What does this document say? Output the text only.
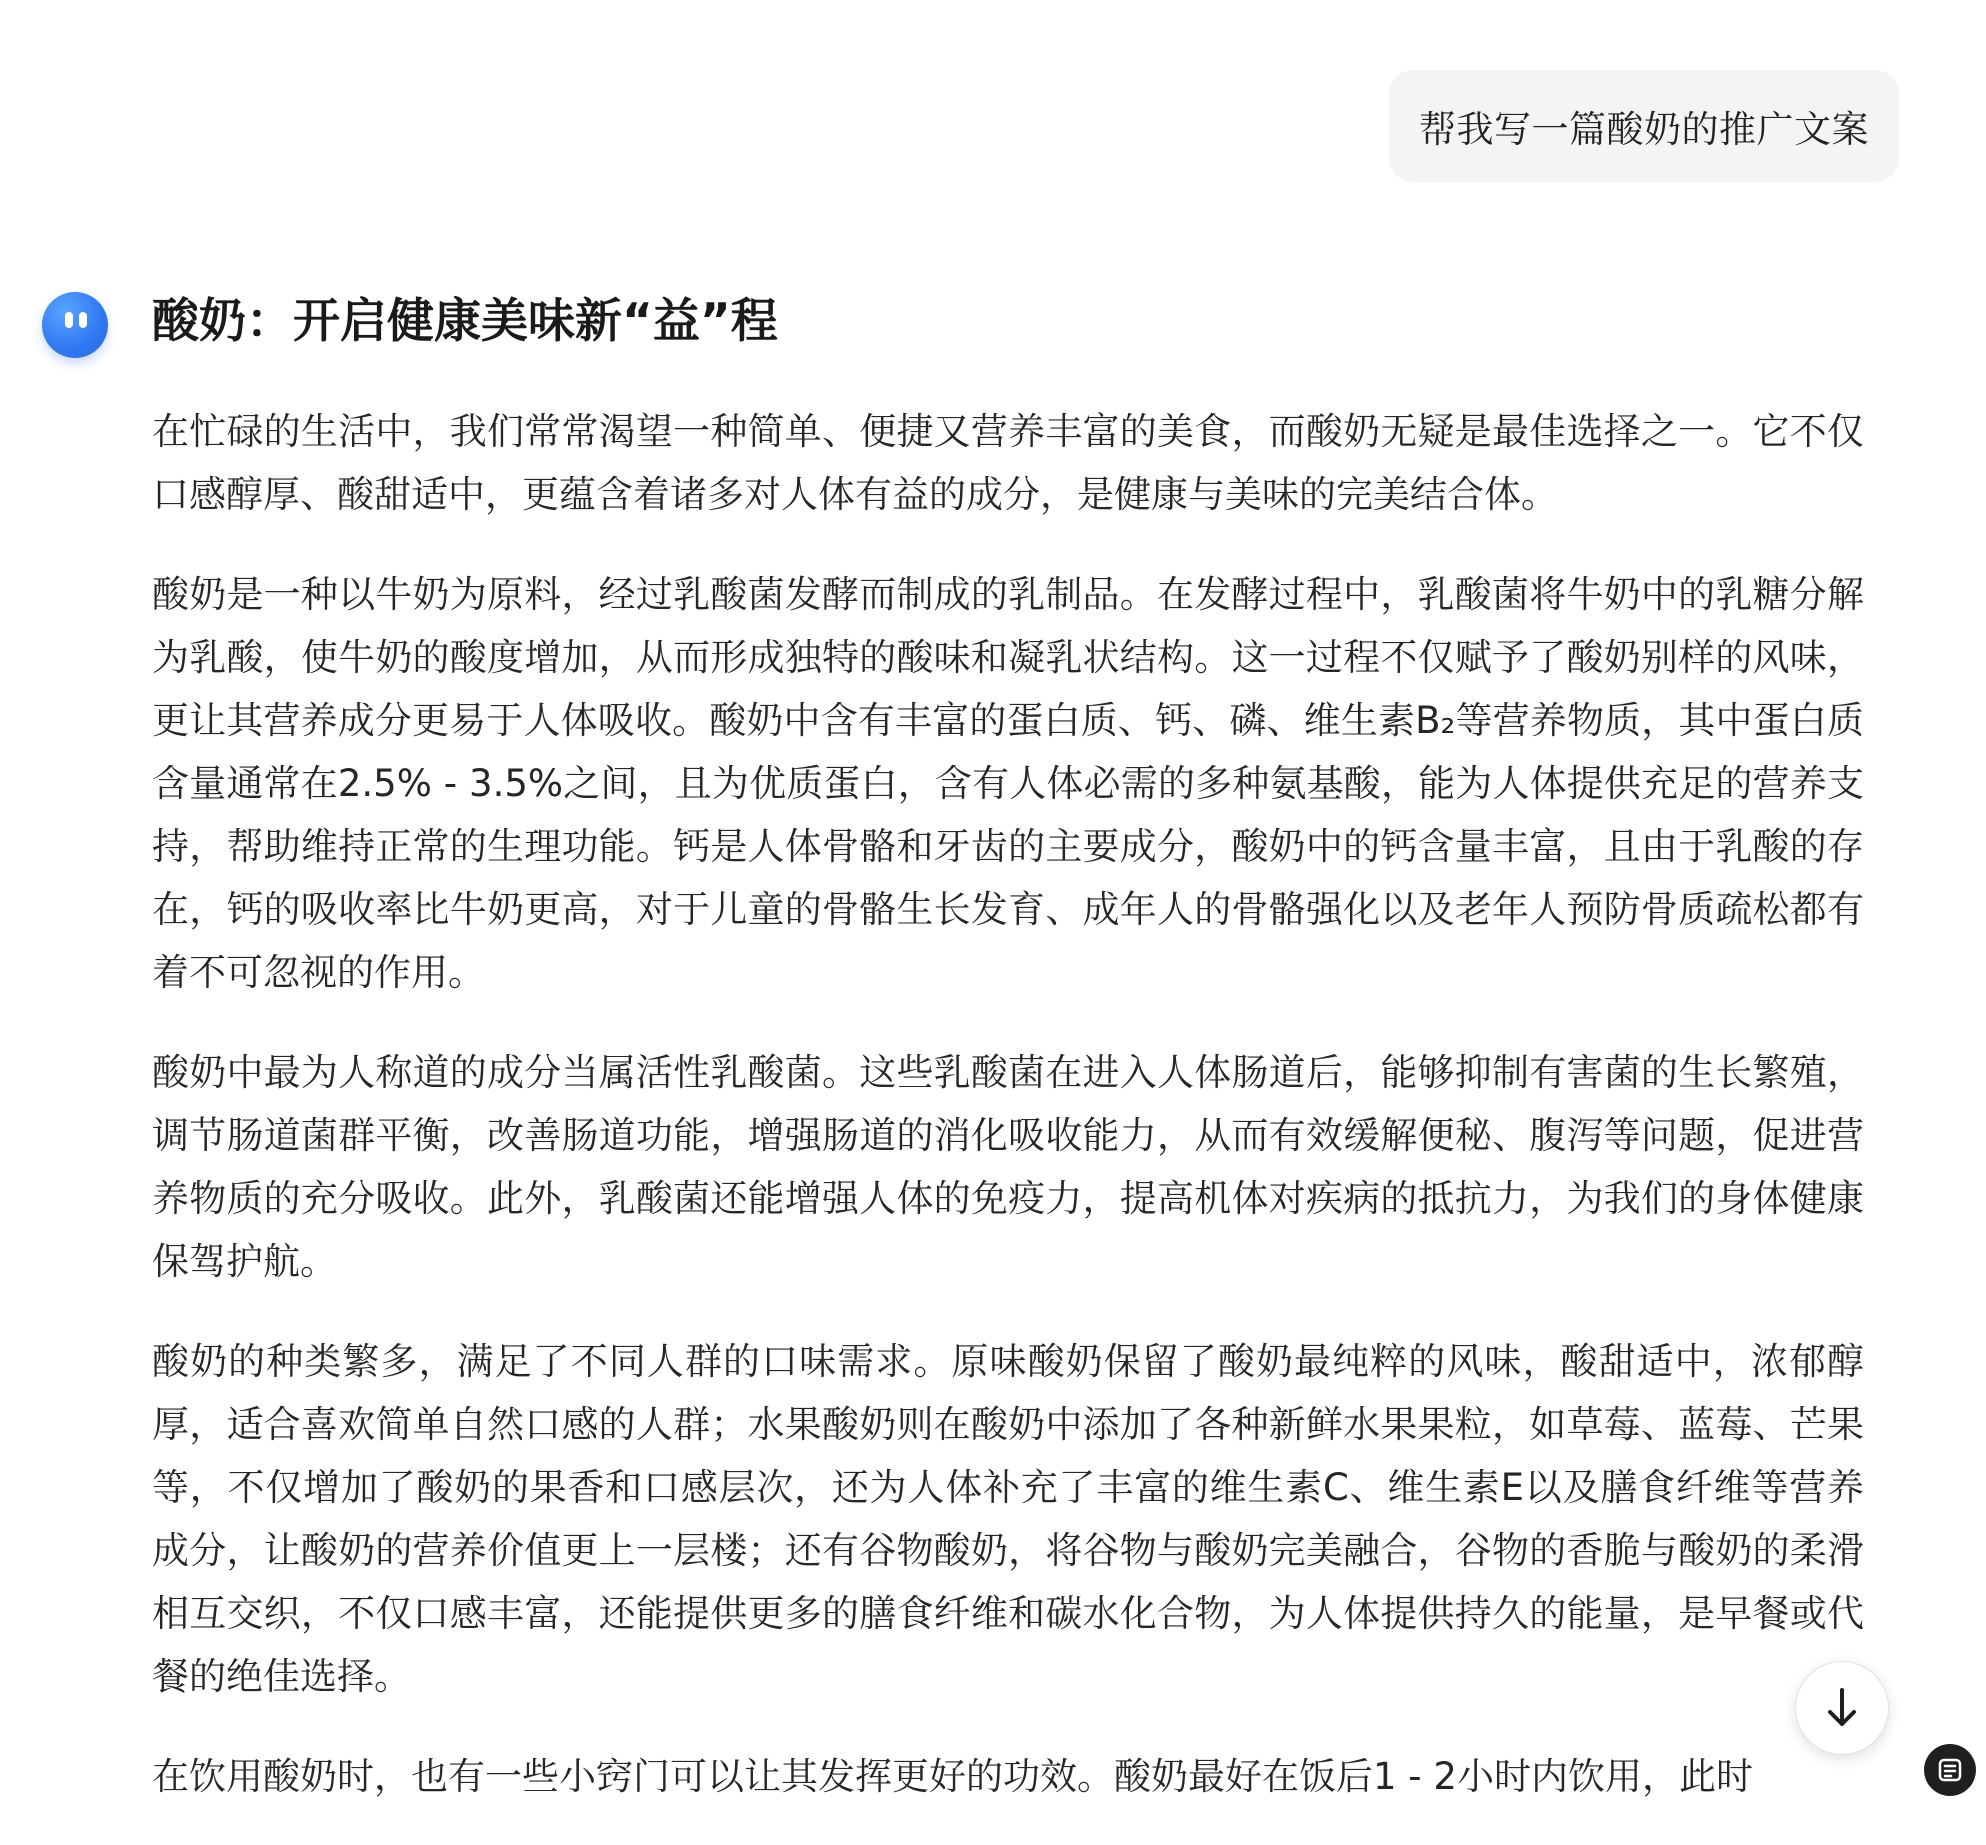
帮我写一篇酸奶的推广文案
酸奶：开启健康美味新“益”程

在忙碌的生活中，我们常常渴望一种简单、便捷又营养丰富的美食，而酸奶无疑是最佳选择之一。它不仅口感醇厚、酸甜适中，更蕴含着诸多对人体有益的成分，是健康与美味的完美结合体。

酸奶是一种以牛奶为原料，经过乳酸菌发酵而制成的乳制品。在发酵过程中，乳酸菌将牛奶中的乳糖分解为乳酸，使牛奶的酸度增加，从而形成独特的酸味和凝乳状结构。这一过程不仅赋予了酸奶别样的风味，更让其营养成分更易于人体吸收。酸奶中含有丰富的蛋白质、钙、磷、维生素B₂等营养物质，其中蛋白质含量通常在2.5% - 3.5%之间，且为优质蛋白，含有人体必需的多种氨基酸，能为人体提供充足的营养支持，帮助维持正常的生理功能。钙是人体骨骼和牙齿的主要成分，酸奶中的钙含量丰富，且由于乳酸的存在，钙的吸收率比牛奶更高，对于儿童的骨骼生长发育、成年人的骨骼强化以及老年人预防骨质疏松都有着不可忽视的作用。

酸奶中最为人称道的成分当属活性乳酸菌。这些乳酸菌在进入人体肠道后，能够抑制有害菌的生长繁殖，调节肠道菌群平衡，改善肠道功能，增强肠道的消化吸收能力，从而有效缓解便秘、腹泻等问题，促进营养物质的充分吸收。此外，乳酸菌还能增强人体的免疫力，提高机体对疾病的抵抗力，为我们的身体健康保驾护航。

酸奶的种类繁多，满足了不同人群的口味需求。原味酸奶保留了酸奶最纯粹的风味，酸甜适中，浓郁醇厚，适合喜欢简单自然口感的人群；水果酸奶则在酸奶中添加了各种新鲜水果果粒，如草莓、蓝莓、芒果等，不仅增加了酸奶的果香和口感层次，还为人体补充了丰富的维生素C、维生素E以及膳食纤维等营养成分，让酸奶的营养价值更上一层楼；还有谷物酸奶，将谷物与酸奶完美融合，谷物的香脆与酸奶的柔滑相互交织，不仅口感丰富，还能提供更多的膳食纤维和碳水化合物，为人体提供持久的能量，是早餐或代餐的绝佳选择。

在饮用酸奶时，也有一些小窍门可以让其发挥更好的功效。酸奶最好在饭后1 - 2小时内饮用，此时
